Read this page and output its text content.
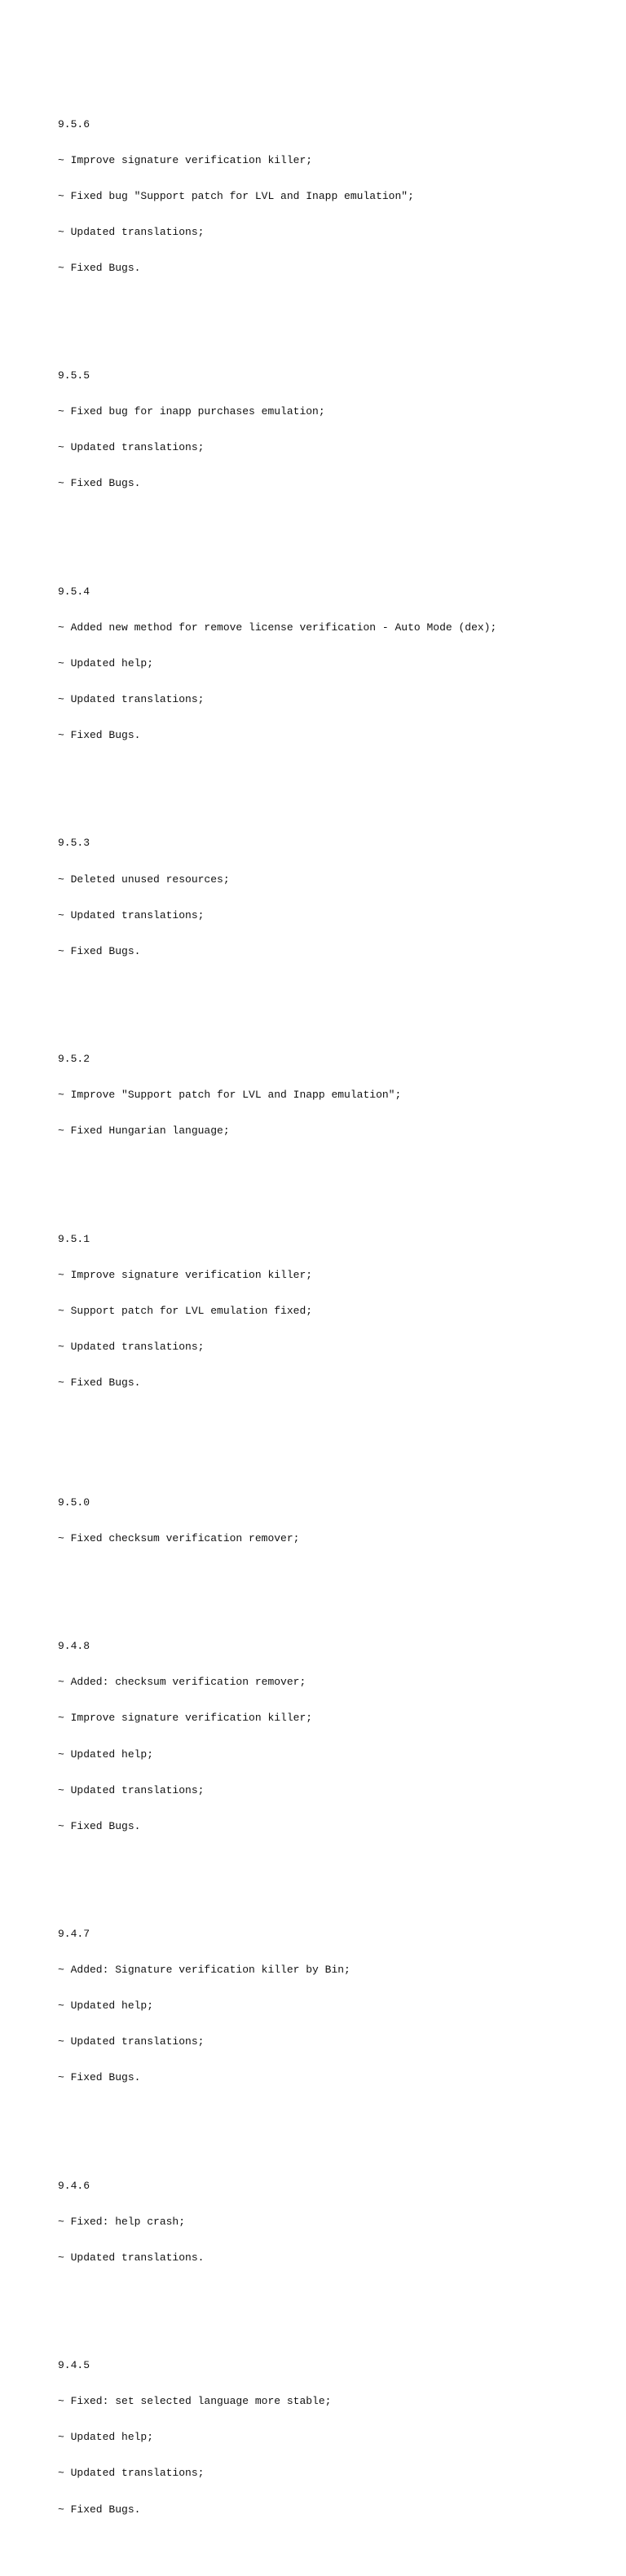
9.5.6

~ Improve signature verification killer;

~ Fixed bug "Support patch for LVL and Inapp emulation";

~ Updated translations;

~ Fixed Bugs.

9.5.5

~ Fixed bug for inapp purchases emulation;

~ Updated translations;

~ Fixed Bugs.

9.5.4

~ Added new method for remove license verification - Auto Mode (dex);

~ Updated help;

~ Updated translations;

~ Fixed Bugs.

9.5.3

~ Deleted unused resources;

~ Updated translations;

~ Fixed Bugs.

9.5.2

~ Improve "Support patch for LVL and Inapp emulation";

~ Fixed Hungarian language;

9.5.1

~ Improve signature verification killer;

~ Support patch for LVL emulation fixed;

~ Updated translations;

~ Fixed Bugs.

9.5.0

~ Fixed checksum verification remover;

9.4.8

~ Added: checksum verification remover;

~ Improve signature verification killer;

~ Updated help;

~ Updated translations;

~ Fixed Bugs.

9.4.7

~ Added: Signature verification killer by Bin;

~ Updated help;

~ Updated translations;

~ Fixed Bugs.

9.4.6

~ Fixed: help crash;

~ Updated translations.

9.4.5

~ Fixed: set selected language more stable;

~ Updated help;

~ Updated translations;

~ Fixed Bugs.
